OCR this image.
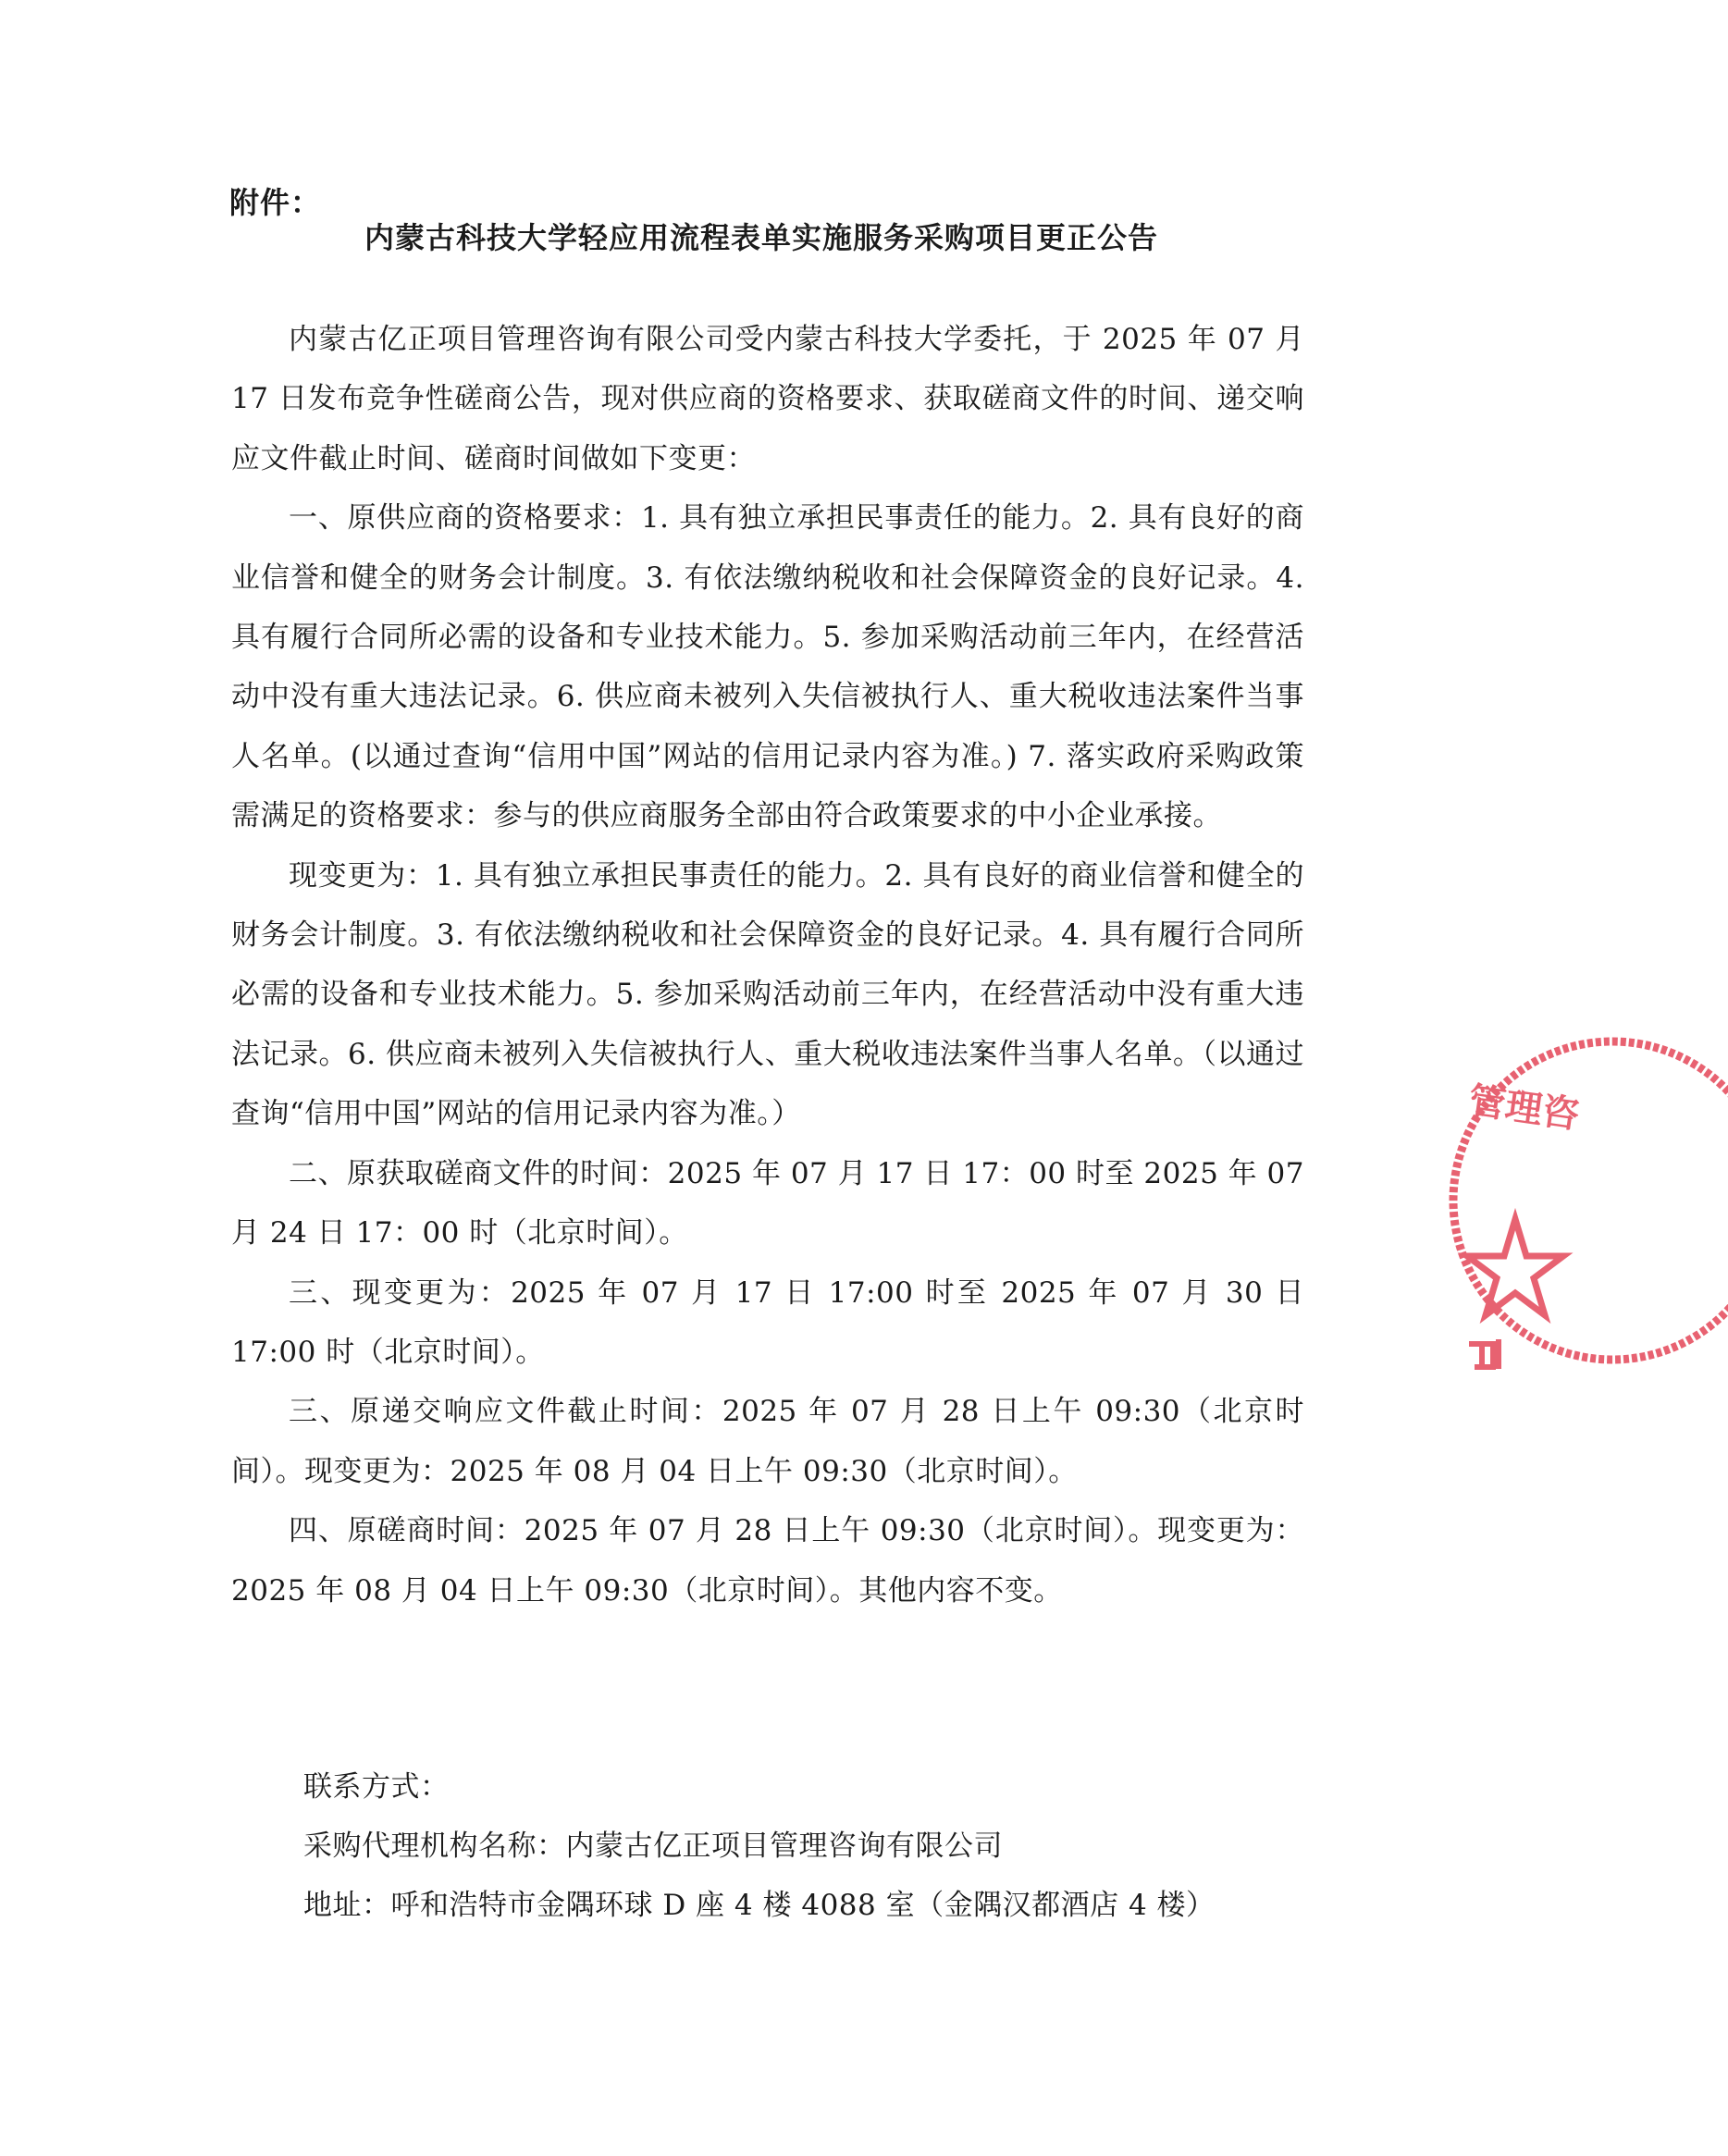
附件：
内蒙古科技大学轻应用流程表单实施服务采购项目更正公告

内蒙古亿正项目管理咨询有限公司受内蒙古科技大学委托，于 2025 年 07 月 17 日发布竞争性磋商公告，现对供应商的资格要求、获取磋商文件的时间、递交响应文件截止时间、磋商时间做如下变更：

一、原供应商的资格要求：1. 具有独立承担民事责任的能力。2. 具有良好的商业信誉和健全的财务会计制度。3. 有依法缴纳税收和社会保障资金的良好记录。4. 具有履行合同所必需的设备和专业技术能力。5. 参加采购活动前三年内，在经营活动中没有重大违法记录。6. 供应商未被列入失信被执行人、重大税收违法案件当事人名单。(以通过查询“信用中国”网站的信用记录内容为准。) 7. 落实政府采购政策需满足的资格要求：参与的供应商服务全部由符合政策要求的中小企业承接。

现变更为：1. 具有独立承担民事责任的能力。2. 具有良好的商业信誉和健全的财务会计制度。3. 有依法缴纳税收和社会保障资金的良好记录。4. 具有履行合同所必需的设备和专业技术能力。5. 参加采购活动前三年内，在经营活动中没有重大违法记录。6. 供应商未被列入失信被执行人、重大税收违法案件当事人名单。（以通过查询“信用中国”网站的信用记录内容为准。）

二、原获取磋商文件的时间：2025 年 07 月 17 日 17：00 时至 2025 年 07 月 24 日 17：00 时（北京时间）。

三、现变更为：2025 年 07 月 17 日 17:00 时至 2025 年 07 月 30 日 17:00 时（北京时间）。

三、原递交响应文件截止时间：2025 年 07 月 28 日上午 09:30（北京时间）。现变更为：2025 年 08 月 04 日上午 09:30（北京时间）。

四、原磋商时间：2025 年 07 月 28 日上午 09:30（北京时间）。现变更为：2025 年 08 月 04 日上午 09:30（北京时间）。其他内容不变。

联系方式：
采购代理机构名称：内蒙古亿正项目管理咨询有限公司
地址：呼和浩特市金隅环球 D 座 4 楼 4088 室（金隅汉都酒店 4 楼）
管理咨
